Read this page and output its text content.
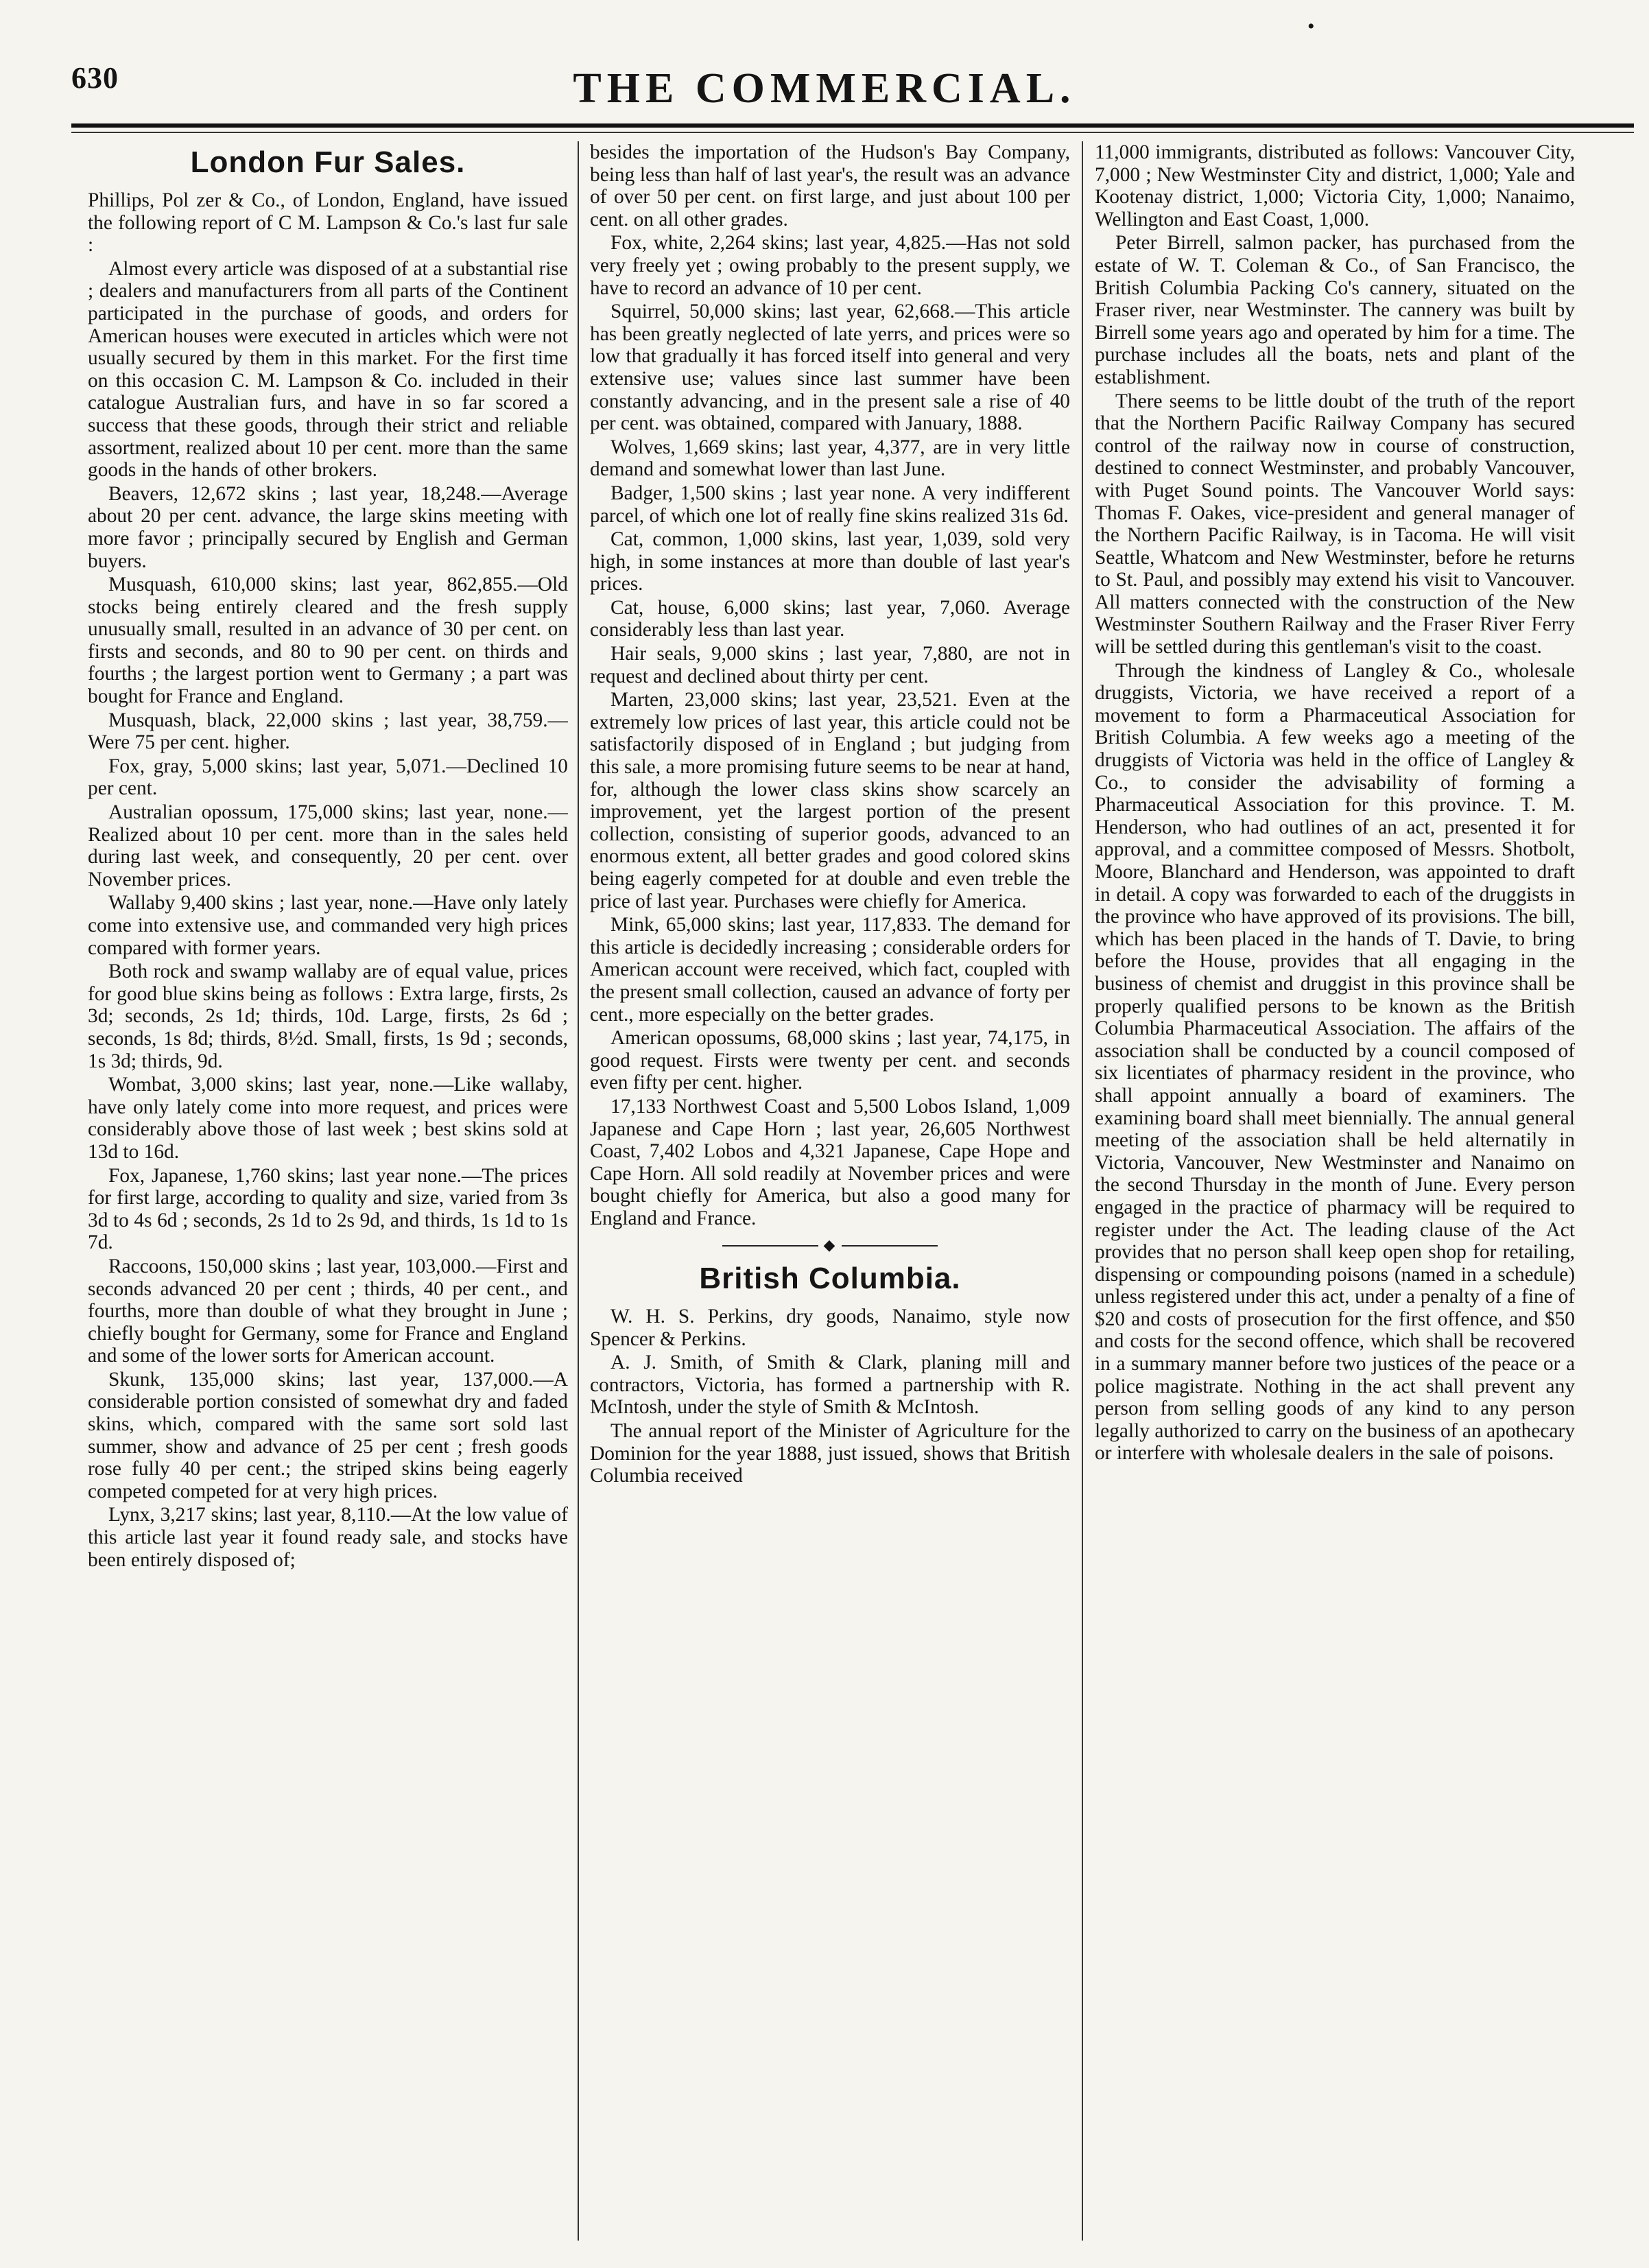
630	THE COMMERCIAL.
•
London Fur Sales.

Phillips, Pol zer & Co., of London, England, have issued the following report of C M. Lampson & Co.'s last fur sale :

Almost every article was disposed of at a substantial rise ; dealers and manufacturers from all parts of the Continent participated in the purchase of goods, and orders for American houses were executed in articles which were not usually secured by them in this market. For the first time on this occasion C. M. Lampson & Co. included in their catalogue Australian furs, and have in so far scored a success that these goods, through their strict and reliable assortment, realized about 10 per cent. more than the same goods in the hands of other brokers.

Beavers, 12,672 skins ; last year, 18,248.—Average about 20 per cent. advance, the large skins meeting with more favor ; principally secured by English and German buyers.

Musquash, 610,000 skins; last year, 862,855.—Old stocks being entirely cleared and the fresh supply unusually small, resulted in an advance of 30 per cent. on firsts and seconds, and 80 to 90 per cent. on thirds and fourths ; the largest portion went to Germany ; a part was bought for France and England.

Musquash, black, 22,000 skins ; last year, 38,759.—Were 75 per cent. higher.

Fox, gray, 5,000 skins; last year, 5,071.—Declined 10 per cent.

Australian opossum, 175,000 skins; last year, none.—Realized about 10 per cent. more than in the sales held during last week, and consequently, 20 per cent. over November prices.

Wallaby 9,400 skins ; last year, none.—Have only lately come into extensive use, and commanded very high prices compared with former years.

Both rock and swamp wallaby are of equal value, prices for good blue skins being as follows : Extra large, firsts, 2s 3d; seconds, 2s 1d; thirds, 10d. Large, firsts, 2s 6d ; seconds, 1s 8d; thirds, 8½d. Small, firsts, 1s 9d ; seconds, 1s 3d; thirds, 9d.

Wombat, 3,000 skins; last year, none.—Like wallaby, have only lately come into more request, and prices were considerably above those of last week ; best skins sold at 13d to 16d.

Fox, Japanese, 1,760 skins; last year none.—The prices for first large, according to quality and size, varied from 3s 3d to 4s 6d ; seconds, 2s 1d to 2s 9d, and thirds, 1s 1d to 1s 7d.

Raccoons, 150,000 skins ; last year, 103,000.—First and seconds advanced 20 per cent ; thirds, 40 per cent., and fourths, more than double of what they brought in June ; chiefly bought for Germany, some for France and England and some of the lower sorts for American account.

Skunk, 135,000 skins; last year, 137,000.—A considerable portion consisted of somewhat dry and faded skins, which, compared with the same sort sold last summer, show and advance of 25 per cent ; fresh goods rose fully 40 per cent.; the striped skins being eagerly competed competed for at very high prices.

Lynx, 3,217 skins; last year, 8,110.—At the low value of this article last year it found ready sale, and stocks have been entirely disposed of;

besides the importation of the Hudson's Bay Company, being less than half of last year's, the result was an advance of over 50 per cent. on first large, and just about 100 per cent. on all other grades.

Fox, white, 2,264 skins; last year, 4,825.—Has not sold very freely yet ; owing probably to the present supply, we have to record an advance of 10 per cent.

Squirrel, 50,000 skins; last year, 62,668.—This article has been greatly neglected of late yerrs, and prices were so low that gradually it has forced itself into general and very extensive use; values since last summer have been constantly advancing, and in the present sale a rise of 40 per cent. was obtained, compared with January, 1888.

Wolves, 1,669 skins; last year, 4,377, are in very little demand and somewhat lower than last June.

Badger, 1,500 skins ; last year none. A very indifferent parcel, of which one lot of really fine skins realized 31s 6d.

Cat, common, 1,000 skins, last year, 1,039, sold very high, in some instances at more than double of last year's prices.

Cat, house, 6,000 skins; last year, 7,060. Average considerably less than last year.

Hair seals, 9,000 skins ; last year, 7,880, are not in request and declined about thirty per cent.

Marten, 23,000 skins; last year, 23,521. Even at the extremely low prices of last year, this article could not be satisfactorily disposed of in England ; but judging from this sale, a more promising future seems to be near at hand, for, although the lower class skins show scarcely an improvement, yet the largest portion of the present collection, consisting of superior goods, advanced to an enormous extent, all better grades and good colored skins being eagerly competed for at double and even treble the price of last year. Purchases were chiefly for America.

Mink, 65,000 skins; last year, 117,833. The demand for this article is decidedly increasing ; considerable orders for American account were received, which fact, coupled with the present small collection, caused an advance of forty per cent., more especially on the better grades.

American opossums, 68,000 skins ; last year, 74,175, in good request. Firsts were twenty per cent. and seconds even fifty per cent. higher.

17,133 Northwest Coast and 5,500 Lobos Island, 1,009 Japanese and Cape Horn ; last year, 26,605 Northwest Coast, 7,402 Lobos and 4,321 Japanese, Cape Hope and Cape Horn. All sold readily at November prices and were bought chiefly for America, but also a good many for England and France.

◆
British Columbia.

W. H. S. Perkins, dry goods, Nanaimo, style now Spencer & Perkins.

A. J. Smith, of Smith & Clark, planing mill and contractors, Victoria, has formed a partnership with R. McIntosh, under the style of Smith & McIntosh.

The annual report of the Minister of Agriculture for the Dominion for the year 1888, just issued, shows that British Columbia received

11,000 immigrants, distributed as follows: Vancouver City, 7,000 ; New Westminster City and district, 1,000; Yale and Kootenay district, 1,000; Victoria City, 1,000; Nanaimo, Wellington and East Coast, 1,000.

Peter Birrell, salmon packer, has purchased from the estate of W. T. Coleman & Co., of San Francisco, the British Columbia Packing Co's cannery, situated on the Fraser river, near Westminster. The cannery was built by Birrell some years ago and operated by him for a time. The purchase includes all the boats, nets and plant of the establishment.

There seems to be little doubt of the truth of the report that the Northern Pacific Railway Company has secured control of the railway now in course of construction, destined to connect Westminster, and probably Vancouver, with Puget Sound points. The Vancouver World says: Thomas F. Oakes, vice-president and general manager of the Northern Pacific Railway, is in Tacoma. He will visit Seattle, Whatcom and New Westminster, before he returns to St. Paul, and possibly may extend his visit to Vancouver. All matters connected with the construction of the New Westminster Southern Railway and the Fraser River Ferry will be settled during this gentleman's visit to the coast.

Through the kindness of Langley & Co., wholesale druggists, Victoria, we have received a report of a movement to form a Pharmaceutical Association for British Columbia. A few weeks ago a meeting of the druggists of Victoria was held in the office of Langley & Co., to consider the advisability of forming a Pharmaceutical Association for this province. T. M. Henderson, who had outlines of an act, presented it for approval, and a committee composed of Messrs. Shotbolt, Moore, Blanchard and Henderson, was appointed to draft in detail. A copy was forwarded to each of the druggists in the province who have approved of its provisions. The bill, which has been placed in the hands of T. Davie, to bring before the House, provides that all engaging in the business of chemist and druggist in this province shall be properly qualified persons to be known as the British Columbia Pharmaceutical Association. The affairs of the association shall be conducted by a council composed of six licentiates of pharmacy resident in the province, who shall appoint annually a board of examiners. The examining board shall meet biennially. The annual general meeting of the association shall be held alternatily in Victoria, Vancouver, New Westminster and Nanaimo on the second Thursday in the month of June. Every person engaged in the practice of pharmacy will be required to register under the Act. The leading clause of the Act provides that no person shall keep open shop for retailing, dispensing or compounding poisons (named in a schedule) unless registered under this act, under a penalty of a fine of $20 and costs of prosecution for the first offence, and $50 and costs for the second offence, which shall be recovered in a summary manner before two justices of the peace or a police magistrate. Nothing in the act shall prevent any person from selling goods of any kind to any person legally authorized to carry on the business of an apothecary or interfere with wholesale dealers in the sale of poisons.
